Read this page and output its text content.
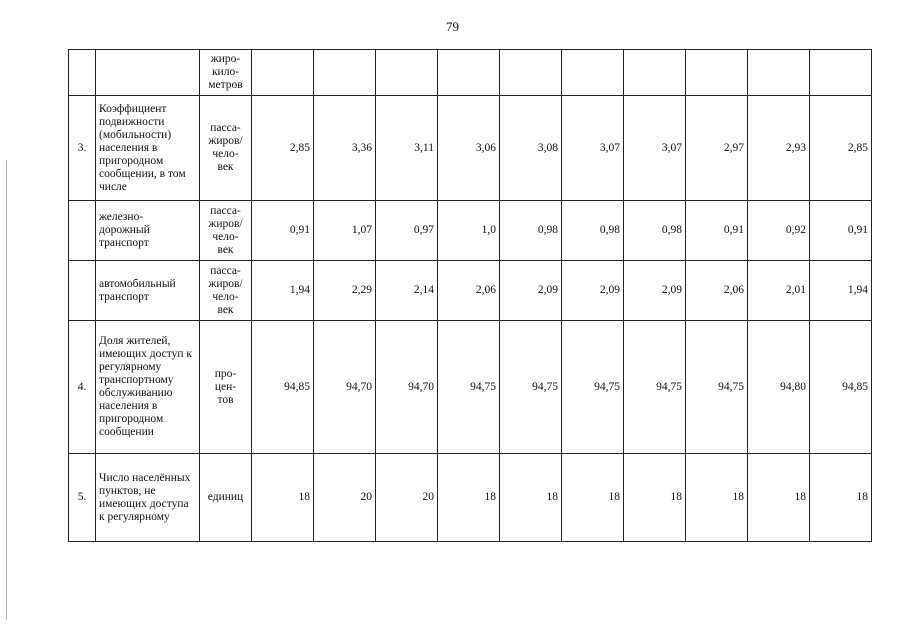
79
		жиро-
кило-
метров										
3.	Коэффициент подвижности (мобильности) населения в пригородном сообщении, в том числе	пасса-
жиров/
чело-
век	2,85	3,36	3,11	3,06	3,08	3,07	3,07	2,97	2,93	2,85
	железно-
дорожный
транспорт	пасса-
жиров/
чело-
век	0,91	1,07	0,97	1,0	0,98	0,98	0,98	0,91	0,92	0,91
	автомобильный транспорт	пасса-
жиров/
чело-
век	1,94	2,29	2,14	2,06	2,09	2,09	2,09	2,06	2,01	1,94
4.	Доля жителей, имеющих доступ к регулярному транспортному обслуживанию населения в пригородном сообщении	про-
цен-
тов	94,85	94,70	94,70	94,75	94,75	94,75	94,75	94,75	94,80	94,85
5.	Число населённых пунктов, не имеющих доступа к регулярному	единиц	18	20	20	18	18	18	18	18	18	18
